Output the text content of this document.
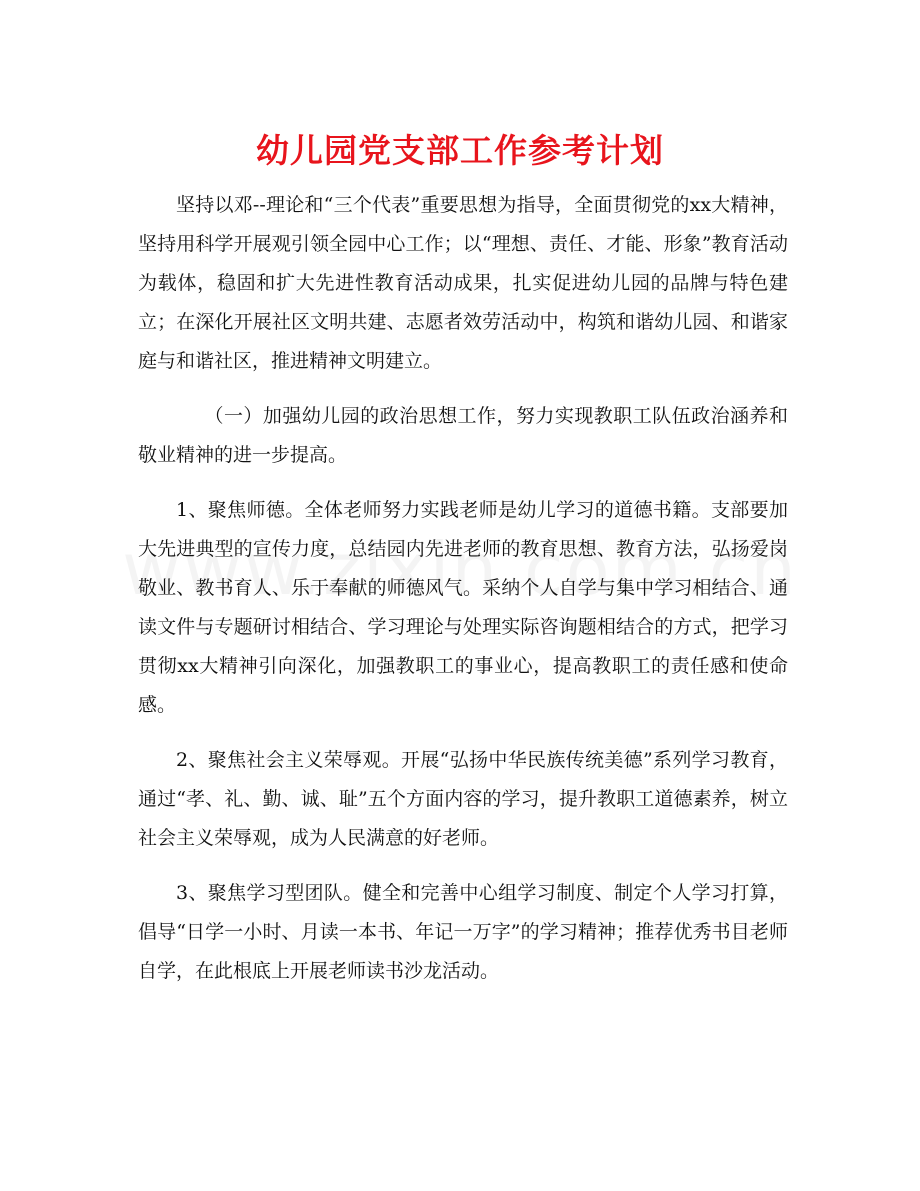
幼儿园党支部工作参考计划

坚持以邓--理论和“三个代表”重要思想为指导，全面贯彻党的xx大精神，坚持用科学开展观引领全园中心工作；以“理想、责任、才能、形象”教育活动为载体，稳固和扩大先进性教育活动成果，扎实促进幼儿园的品牌与特色建立；在深化开展社区文明共建、志愿者效劳活动中，构筑和谐幼儿园、和谐家庭与和谐社区，推进精神文明建立。

（一）加强幼儿园的政治思想工作，努力实现教职工队伍政治涵养和敬业精神的进一步提高。

1、聚焦师德。全体老师努力实践老师是幼儿学习的道德书籍。支部要加大先进典型的宣传力度，总结园内先进老师的教育思想、教育方法，弘扬爱岗敬业、教书育人、乐于奉献的师德风气。采纳个人自学与集中学习相结合、通读文件与专题研讨相结合、学习理论与处理实际咨询题相结合的方式，把学习贯彻xx大精神引向深化，加强教职工的事业心，提高教职工的责任感和使命感。

2、聚焦社会主义荣辱观。开展“弘扬中华民族传统美德”系列学习教育，通过“孝、礼、勤、诚、耻”五个方面内容的学习，提升教职工道德素养，树立社会主义荣辱观，成为人民满意的好老师。

3、聚焦学习型团队。健全和完善中心组学习制度、制定个人学习打算，倡导“日学一小时、月读一本书、年记一万字”的学习精神；推荐优秀书目老师自学，在此根底上开展老师读书沙龙活动。
